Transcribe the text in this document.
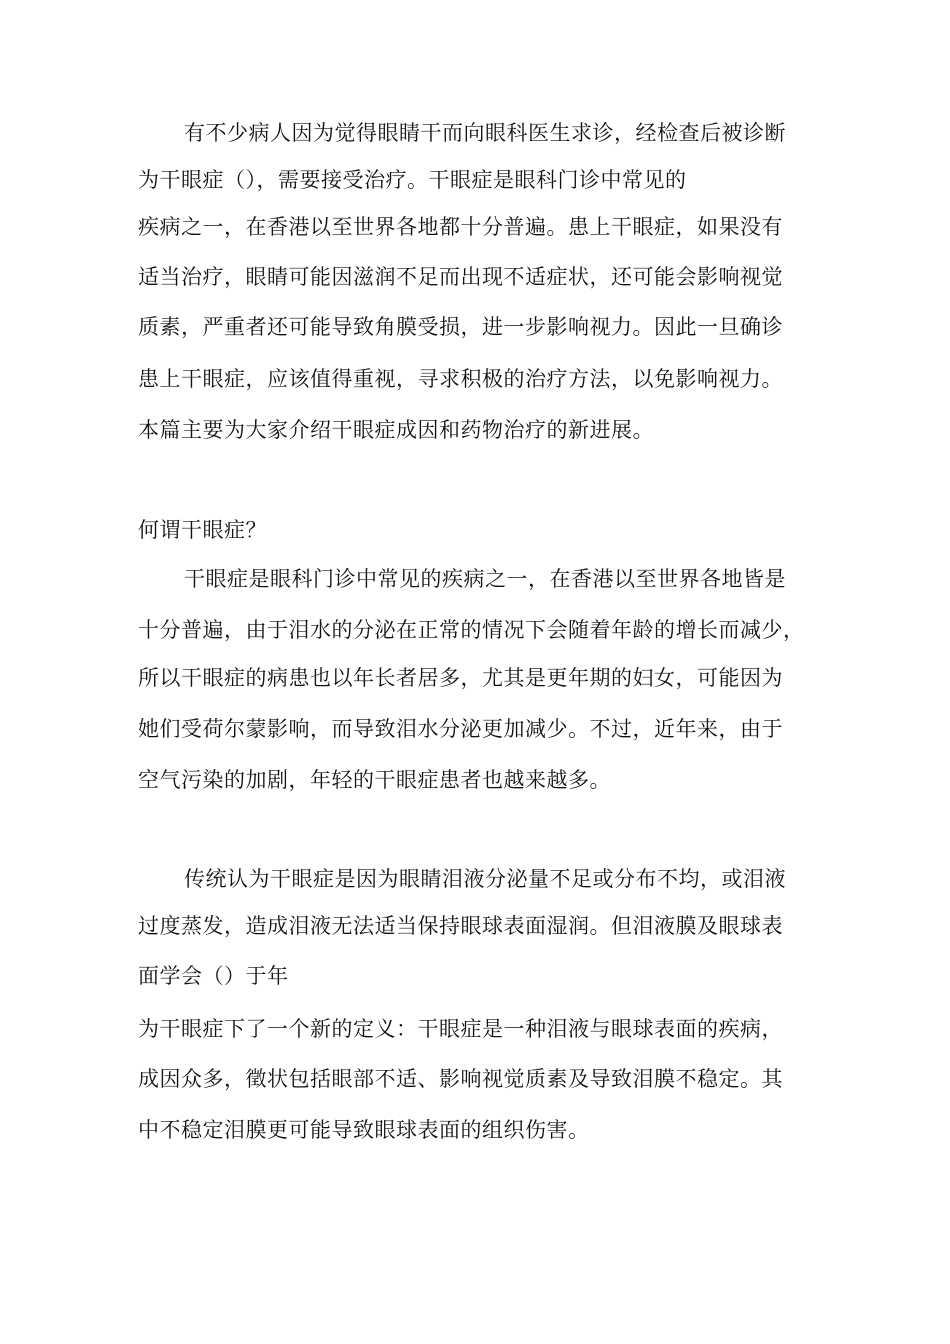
有不少病人因为觉得眼睛干而向眼科医生求诊，经检查后被诊断
为干眼症（），需要接受治疗。干眼症是眼科门诊中常见的
疾病之一，在香港以至世界各地都十分普遍。患上干眼症，如果没有
适当治疗，眼睛可能因滋润不足而出现不适症状，还可能会影响视觉
质素，严重者还可能导致角膜受损，进一步影响视力。因此一旦确诊
患上干眼症，应该值得重视，寻求积极的治疗方法，以免影响视力。
本篇主要为大家介绍干眼症成因和药物治疗的新进展。
何谓干眼症？
干眼症是眼科门诊中常见的疾病之一，在香港以至世界各地皆是
十分普遍，由于泪水的分泌在正常的情况下会随着年龄的增长而减少，
所以干眼症的病患也以年长者居多，尤其是更年期的妇女，可能因为
她们受荷尔蒙影响，而导致泪水分泌更加减少。不过，近年来，由于
空气污染的加剧，年轻的干眼症患者也越来越多。
传统认为干眼症是因为眼睛泪液分泌量不足或分布不均，或泪液
过度蒸发，造成泪液无法适当保持眼球表面湿润。但泪液膜及眼球表
面学会（）于年
为干眼症下了一个新的定义：干眼症是一种泪液与眼球表面的疾病，
成因众多，徵状包括眼部不适、影响视觉质素及导致泪膜不稳定。其
中不稳定泪膜更可能导致眼球表面的组织伤害。
